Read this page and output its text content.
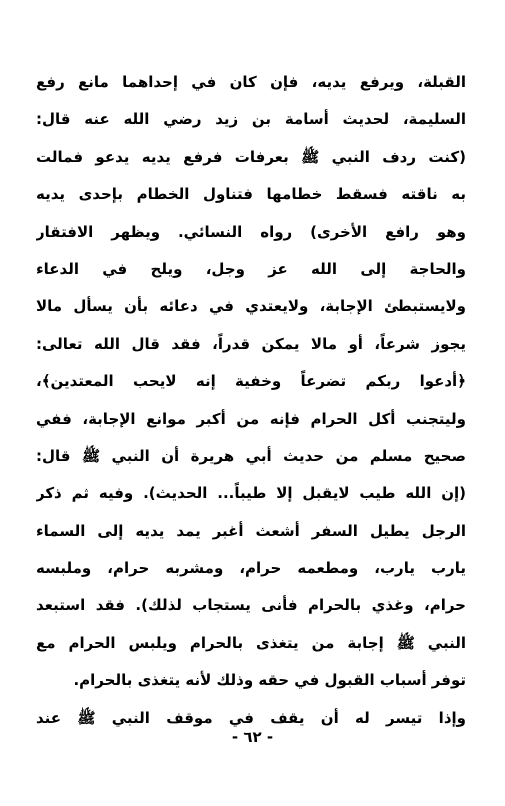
القبلة، ويرفع يديه، فإن كان في إحداهما مانع رفع
السليمة، لحديث أسامة بن زيد رضي الله عنه قال:
(كنت ردف النبي ﷺ بعرفات فرفع يديه يدعو فمالت
به ناقته فسقط خطامها فتناول الخطام بإحدى يديه
وهو رافع الأخرى) رواه النسائي. ويظهر الافتقار
والحاجة إلى الله عز وجل، ويلح في الدعاء
ولايستبطئ الإجابة، ولايعتدي في دعائه بأن يسأل مالا
يجوز شرعاً، أو مالا يمكن قدراً، فقد قال الله تعالى:
﴿أدعوا ربكم تضرعاً وخفية إنه لايحب المعتدين﴾،
وليتجنب أكل الحرام فإنه من أكبر موانع الإجابة، ففي
صحيح مسلم من حديث أبي هريرة أن النبي ﷺ قال:
(إن الله طيب لايقبل إلا طيباً... الحديث). وفيه ثم ذكر
الرجل يطيل السفر أشعث أغبر يمد يديه إلى السماء
يارب يارب، ومطعمه حرام، ومشربه حرام، وملبسه
حرام، وغذي بالحرام فأنى يستجاب لذلك). فقد استبعد
النبي ﷺ إجابة من يتغذى بالحرام ويلبس الحرام مع
توفر أسباب القبول في حقه وذلك لأنه يتغذى بالحرام.
وإذا تيسر له أن يقف في موقف النبي ﷺ عند
- ٦٢ -
